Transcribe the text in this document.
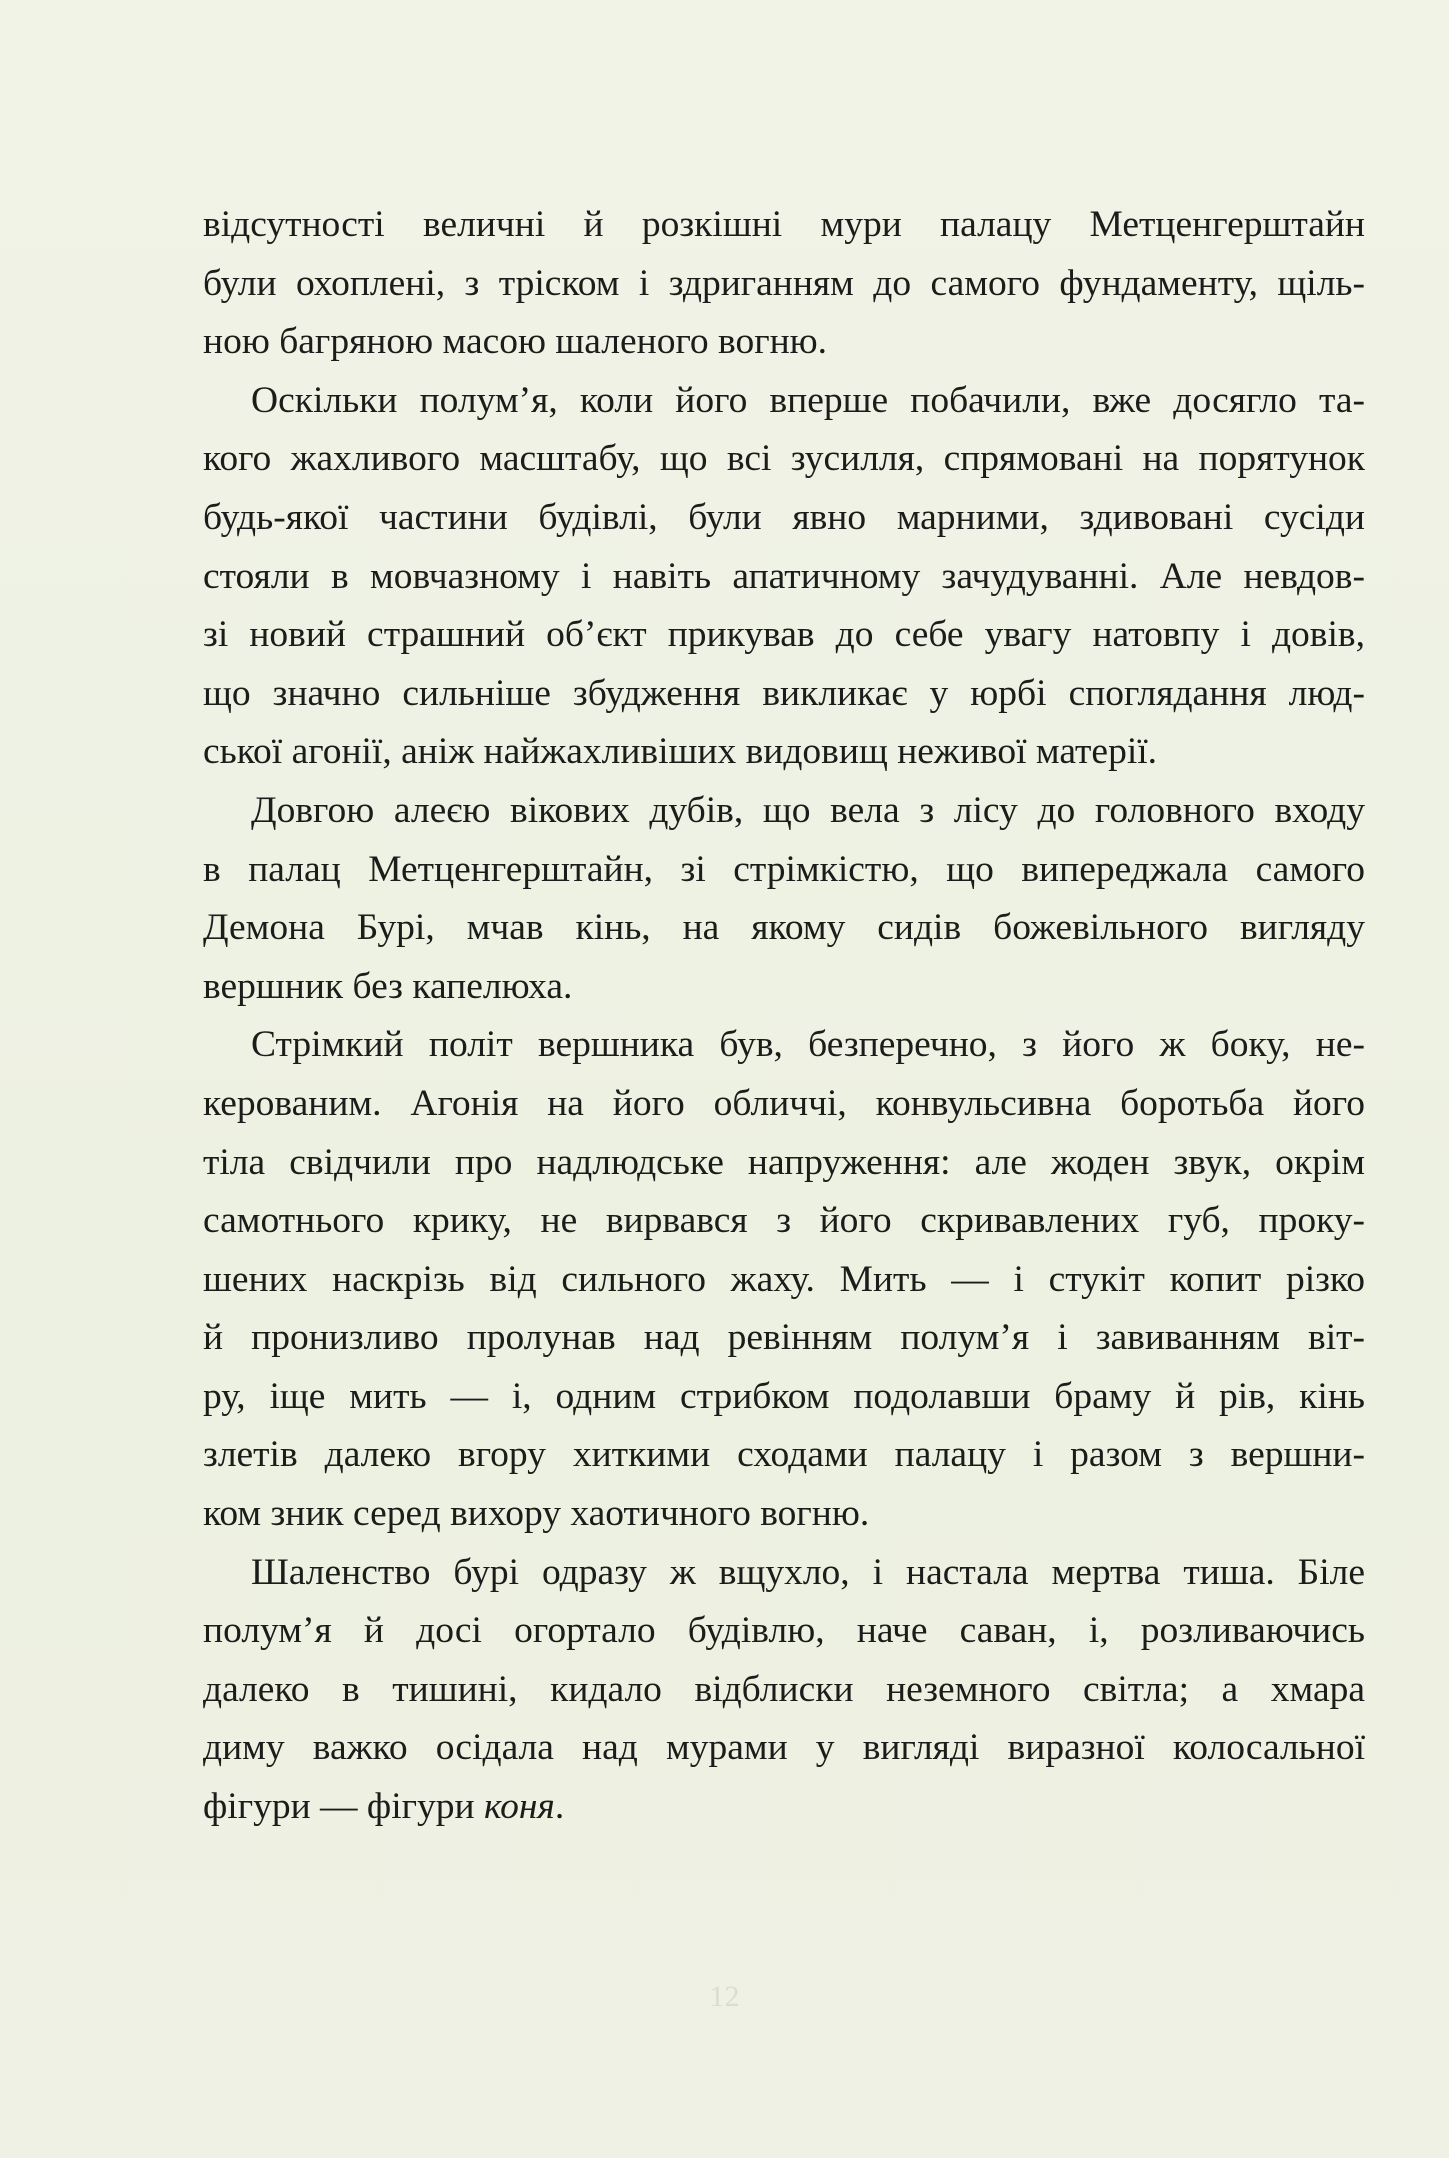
відсутності величні й розкішні мури палацу Метценгерштайн
були охоплені, з тріском і здриганням до самого фундаменту, щіль-
ною багряною масою шаленого вогню.

Оскільки полум’я, коли його вперше побачили, вже досягло та-
кого жахливого масштабу, що всі зусилля, спрямовані на порятунок
будь-якої частини будівлі, були явно марними, здивовані сусіди
стояли в мовчазному і навіть апатичному зачудуванні. Але невдов-
зі новий страшний об’єкт прикував до себе увагу натовпу і довів,
що значно сильніше збудження викликає у юрбі споглядання люд-
ської агонії, аніж найжахливіших видовищ неживої матерії.

Довгою алеєю вікових дубів, що вела з лісу до головного входу
в палац Метценгерштайн, зі стрімкістю, що випереджала самого
Демона Бурі, мчав кінь, на якому сидів божевільного вигляду
вершник без капелюха.

Стрімкий політ вершника був, безперечно, з його ж боку, не-
керованим. Агонія на його обличчі, конвульсивна боротьба його
тіла свідчили про надлюдське напруження: але жоден звук, окрім
самотнього крику, не вирвався з його скривавлених губ, проку-
шених наскрізь від сильного жаху. Мить — і стукіт копит різко
й пронизливо пролунав над ревінням полум’я і завиванням віт-
ру, іще мить — і, одним стрибком подолавши браму й рів, кінь
злетів далеко вгору хиткими сходами палацу і разом з вершни-
ком зник серед вихору хаотичного вогню.

Шаленство бурі одразу ж вщухло, і настала мертва тиша. Біле
полум’я й досі огортало будівлю, наче саван, і, розливаючись
далеко в тишині, кидало відблиски неземного світла; а хмара
диму важко осідала над мурами у вигляді виразної колосальної
фігури — фігури коня.

12
